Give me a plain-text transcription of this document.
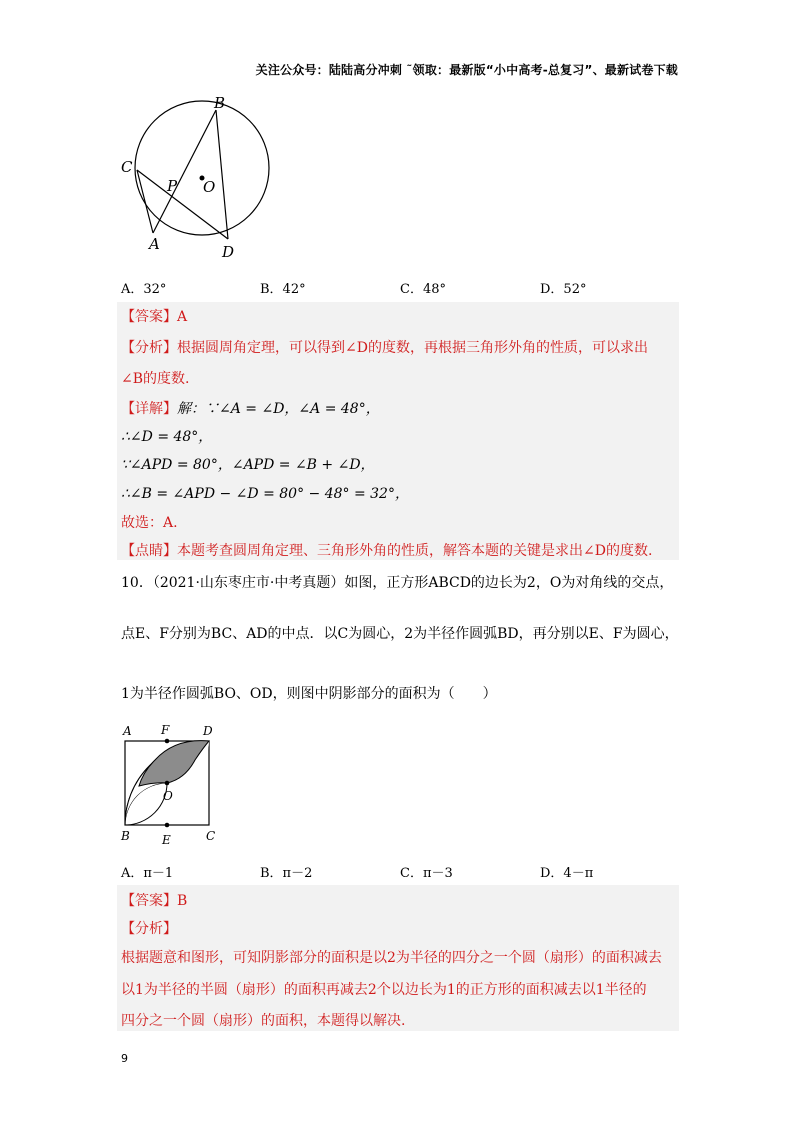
关注公众号：陆陆高分冲刺 ˜领取：最新版“小中高考-总复习”、最新试卷下载
B
C
P O
A	D
A．32°	B．42°	C．48°	D．52°
【答案】A
【分析】根据圆周角定理，可以得到∠D的度数，再根据三角形外角的性质，可以求出
∠B的度数.
【详解】解：∵∠A = ∠D，∠A = 48°，
∴∠D = 48°，
∵∠APD = 80°，∠APD = ∠B + ∠D，
∴∠B = ∠APD − ∠D = 80° − 48° = 32°，
故选：A.
【点睛】本题考查圆周角定理、三角形外角的性质，解答本题的关键是求出∠D的度数.
10．（2021·山东枣庄市·中考真题）如图，正方形ABCD的边长为2，O为对角线的交点，
点E、F分别为BC、AD的中点．以C为圆心，2为半径作圆弧BD，再分别以E、F为圆心，
1为半径作圆弧BO、OD，则图中阴影部分的面积为（　　）
A F	D
O
B	E	C
A．π－1	B．π－2	C．π－3	D．4－π
【答案】B
【分析】
根据题意和图形，可知阴影部分的面积是以2为半径的四分之一个圆（扇形）的面积减去
以1为半径的半圆（扇形）的面积再减去2个以边长为1的正方形的面积减去以1半径的
四分之一个圆（扇形）的面积，本题得以解决.
9
